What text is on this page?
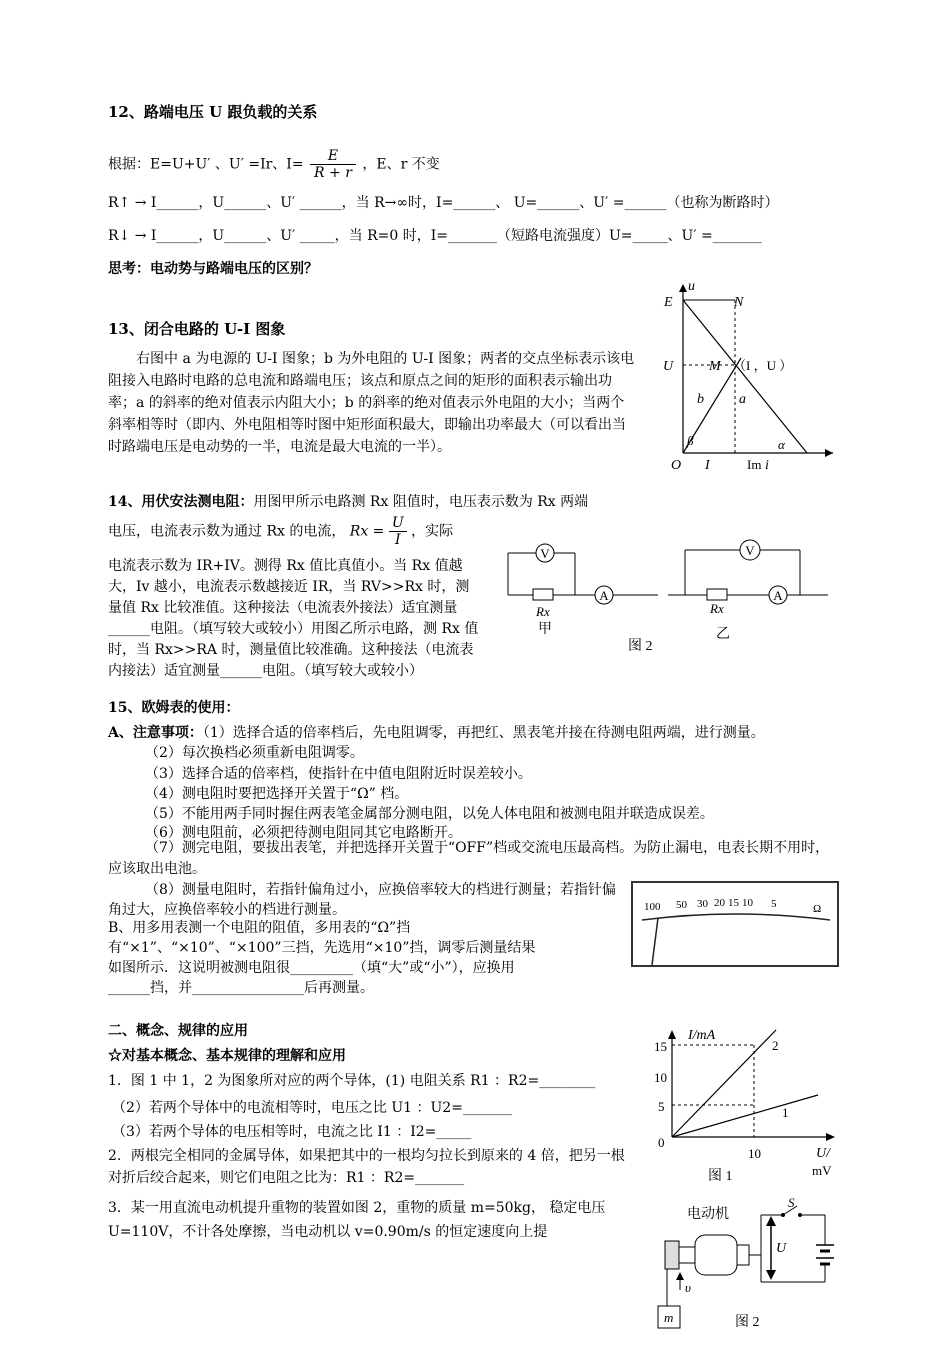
12、路端电压 U 跟负载的关系
根据：E=U+U′ 、U′ =Ir、$I= \frac{E}{R + r}$ ，E、r 不变
R↑ → I______，U______、U′ ______，当 R→∞时，I=______、 U=______、U′ =______（也称为断路时）
R↓ → I______，U______、U′ _____，当 R=0 时，I=_______（短路电流强度）U=_____、U′ =_______
思考：电动势与路端电压的区别？
13、闭合电路的 U-I 图象
右图中 a 为电源的 U-I 图象；b 为外电阻的 U-I 图象；两者的交点坐标表示该电阻接入电路时电路的总电流和路端电压；该点和原点之间的矩形的面积表示输出功率；a 的斜率的绝对值表示内阻大小；b 的斜率的绝对值表示外电阻的大小；当两个斜率相等时（即内、外电阻相等时图中矩形面积最大，即输出功率最大（可以看出当时路端电压是电动势的一半，电流是最大电流的一半）。
u
E	N
U	M （I ，U ）
b	a
β	α
O I	Im i
14、用伏安法测电阻：用图甲所示电路测 Rx 阻值时，电压表示数为 Rx 两端
电压，电流表示数为通过 Rx 的电流， $Rx = \frac{U}{I}$ ，实际
电流表示数为 IR+IV。测得 Rx 值比真值小。当 Rx 值越大，Iv 越小，电流表示数越接近 IR，当 RV>>Rx 时，测量值 Rx 比较准值。这种接法（电流表外接法）适宜测量______电阻。（填写较大或较小）用图乙所示电路，测 Rx 值时，当 Rx>>RA 时，测量值比较准确。这种接法（电流表内接法）适宜测量______电阻。（填写较大或较小）
V
A
Rx
甲
V
A
Rx
乙
图 2
15、欧姆表的使用：
A、注意事项：（1）选择合适的倍率档后，先电阻调零，再把红、黑表笔并接在待测电阻两端，进行测量。
（2）每次换档必须重新电阻调零。
（3）选择合适的倍率档，使指针在中值电阻附近时误差较小。
（4）测电阻时要把选择开关置于“Ω” 档。
（5）不能用两手同时握住两表笔金属部分测电阻，以免人体电阻和被测电阻并联造成误差。
（6）测电阻前，必须把待测电阻同其它电路断开。
（7）测完电阻，要拔出表笔，并把选择开关置于“OFF”档或交流电压最高档。为防止漏电，电表长期不用时，应该取出电池。
（8）测量电阻时，若指针偏角过小，应换倍率较大的档进行测量；若指针偏角过大，应换倍率较小的档进行测量。
B、用多用表测一个电阻的阻值，多用表的“Ω”挡有“×1”、“×10”、“×100”三挡，先选用“×10”挡，调零后测量结果如图所示．这说明被测电阻很_________（填“大”或“小”），应换用______挡，并________________后再测量。
100 50 30 20 15 10 5	Ω
二、概念、规律的应用
☆对基本概念、基本规律的理解和应用
1．图 1 中 1，2 为图象所对应的两个导体，(1) 电阻关系 R1 ：R2=________
（2）若两个导体中的电流相等时，电压之比 U1 ：U2=_______
（3）若两个导体的电压相等时，电流之比 I1 ：I2=_____
2．两根完全相同的金属导体，如果把其中的一根均匀拉长到原来的 4 倍，把另一根对折后绞合起来，则它们电阻之比为：R1 ：R2=_______
3．某一用直流电动机提升重物的装置如图 2，重物的质量 m=50kg， 稳定电压 U=110V，不计各处摩擦，当电动机以 v=0.90m/s 的恒定速度向上提
I/mA
15
10
5
0
10	U/
mV
2
1
图 1
电动机
m
υ
S
U
图 2
